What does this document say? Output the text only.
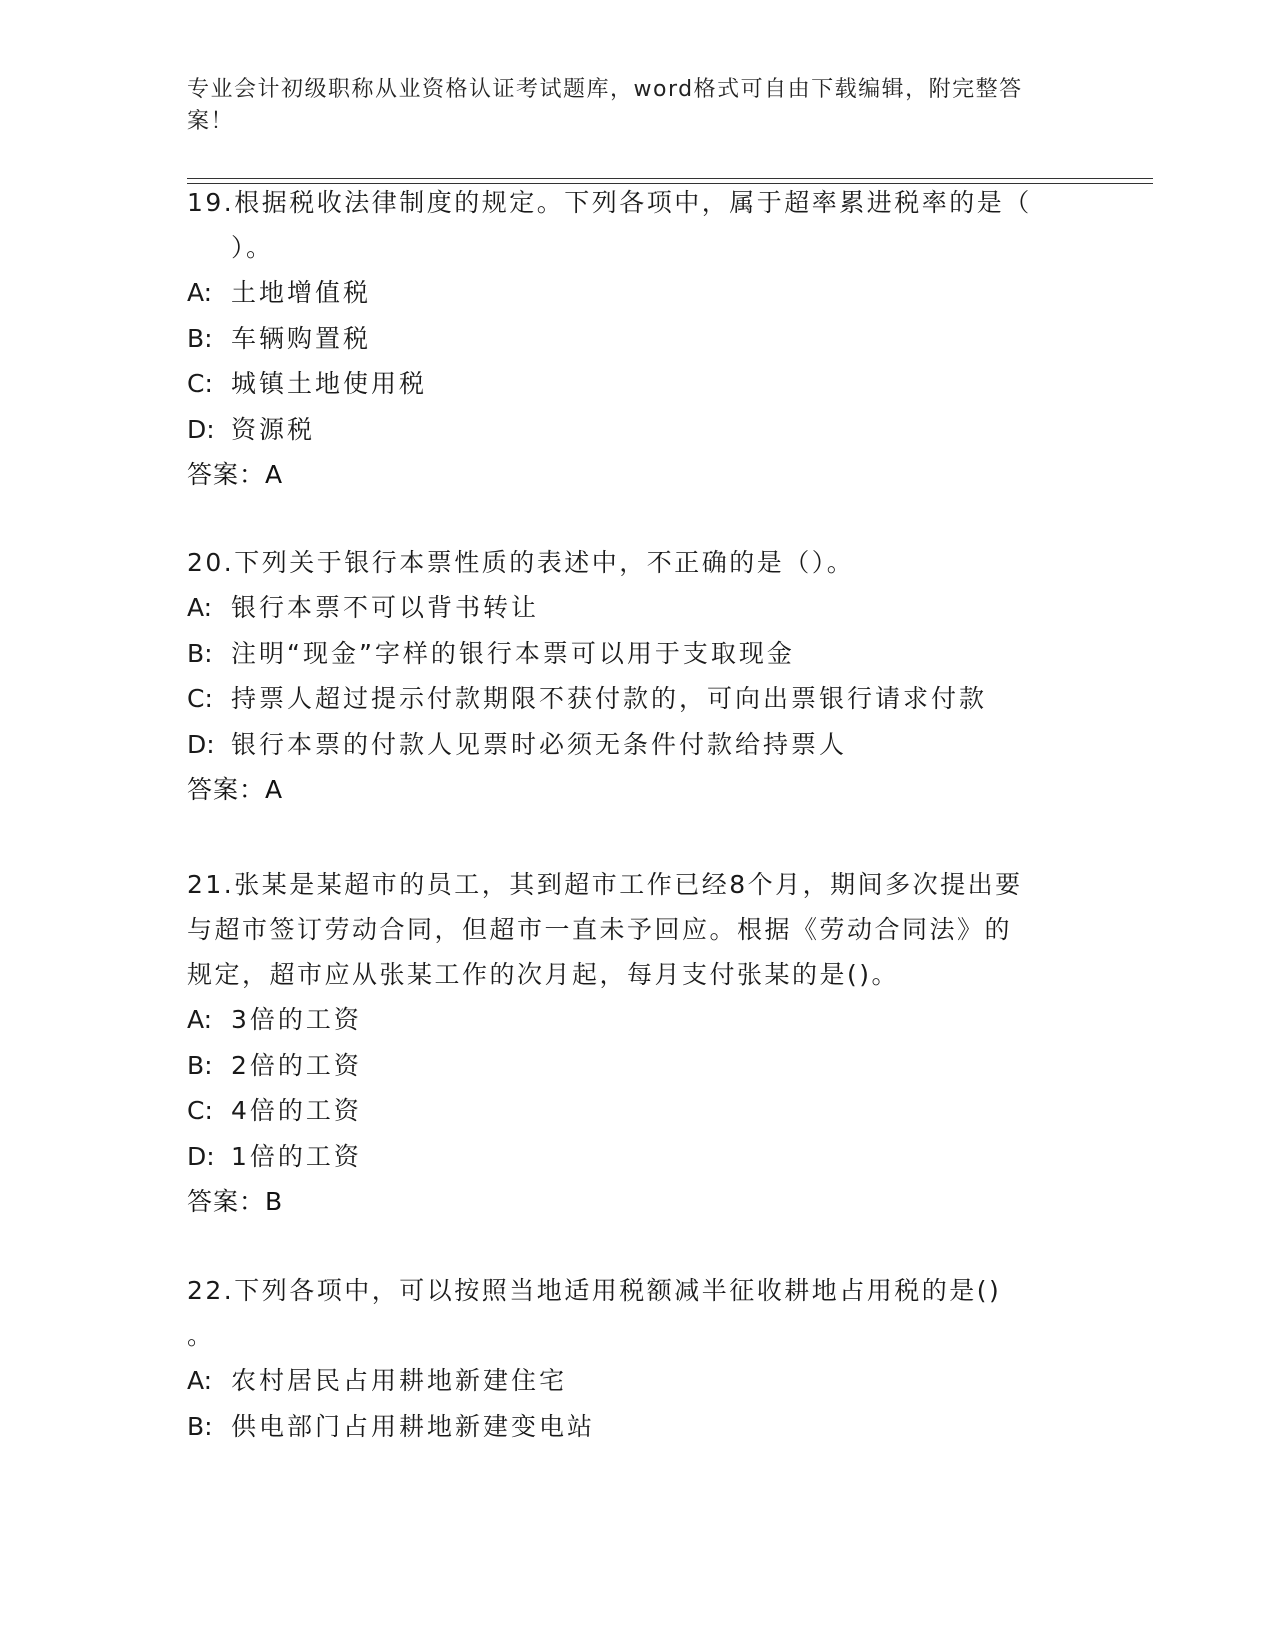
专业会计初级职称从业资格认证考试题库，word格式可自由下载编辑，附完整答案！

19.根据税收法律制度的规定。下列各项中，属于超率累进税率的是（
）。

A: 土地增值税

B: 车辆购置税

C: 城镇土地使用税

D: 资源税

答案：A

20.下列关于银行本票性质的表述中，不正确的是（）。

A: 银行本票不可以背书转让

B: 注明“现金”字样的银行本票可以用于支取现金

C: 持票人超过提示付款期限不获付款的，可向出票银行请求付款

D: 银行本票的付款人见票时必须无条件付款给持票人

答案：A

21.张某是某超市的员工，其到超市工作已经8个月，期间多次提出要
与超市签订劳动合同，但超市一直未予回应。根据《劳动合同法》的
规定，超市应从张某工作的次月起，每月支付张某的是()。

A: 3倍的工资

B: 2倍的工资

C: 4倍的工资

D: 1倍的工资

答案：B

22.下列各项中，可以按照当地适用税额减半征收耕地占用税的是()
。

A: 农村居民占用耕地新建住宅

B: 供电部门占用耕地新建变电站
